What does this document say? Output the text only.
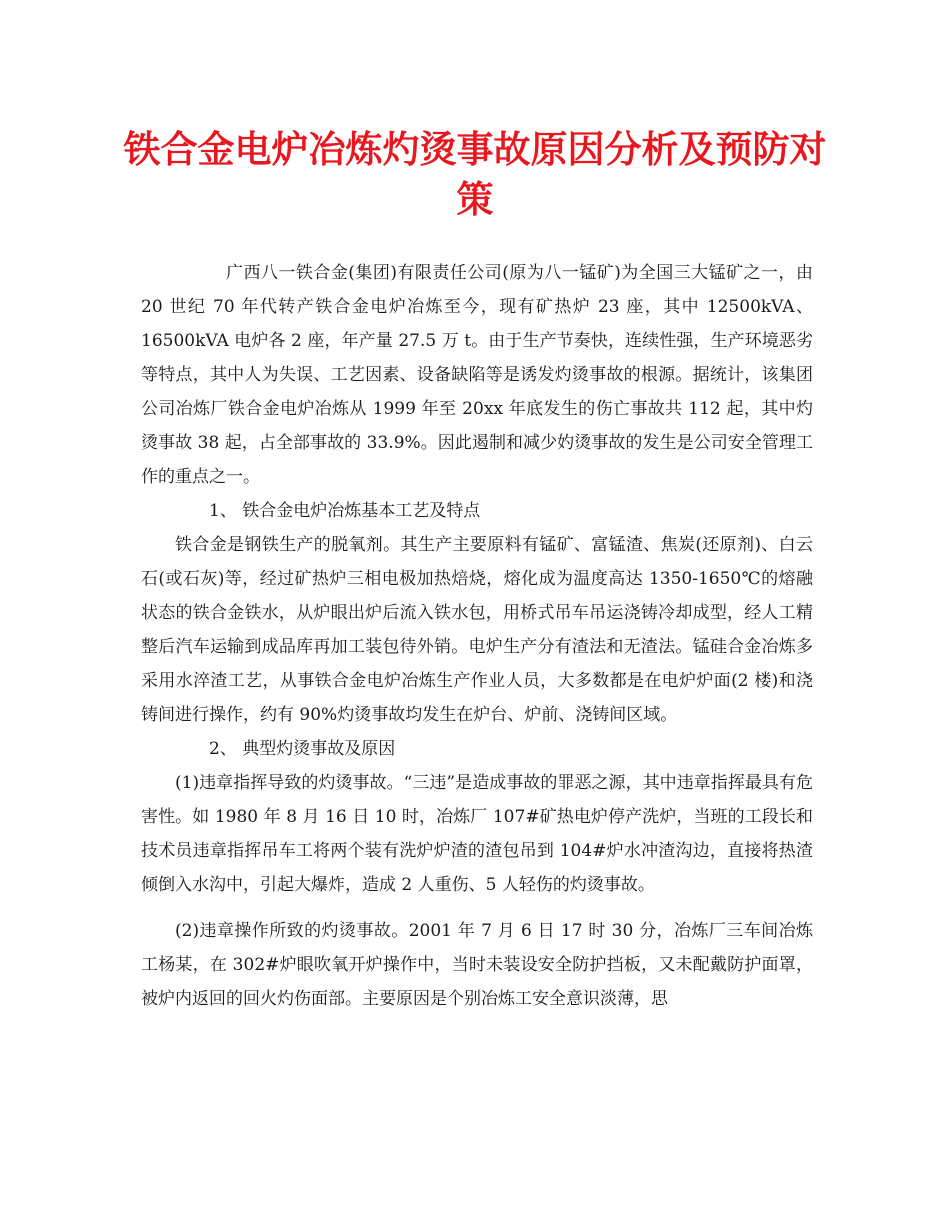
铁合金电炉冶炼灼烫事故原因分析及预防对策

广西八一铁合金(集团)有限责任公司(原为八一锰矿)为全国三大锰矿之一，由 20 世纪 70 年代转产铁合金电炉冶炼至今，现有矿热炉 23 座，其中 12500kVA、16500kVA 电炉各 2 座，年产量 27.5 万 t。由于生产节奏快，连续性强，生产环境恶劣等特点，其中人为失误、工艺因素、设备缺陷等是诱发灼烫事故的根源。据统计，该集团公司冶炼厂铁合金电炉冶炼从 1999 年至 20xx 年底发生的伤亡事故共 112 起，其中灼烫事故 38 起，占全部事故的 33.9%。因此遏制和减少妁烫事故的发生是公司安全管理工作的重点之一。

1、 铁合金电炉冶炼基本工艺及特点

铁合金是钢铁生产的脱氧剂。其生产主要原料有锰矿、富锰渣、焦炭(还原剂)、白云石(或石灰)等，经过矿热炉三相电极加热焙烧，熔化成为温度高达 1350-1650℃的熔融状态的铁合金铁水，从炉眼出炉后流入铁水包，用桥式吊车吊运浇铸冷却成型，经人工精整后汽车运输到成品库再加工装包待外销。电炉生产分有渣法和无渣法。锰硅合金冶炼多采用水淬渣工艺，从事铁合金电炉冶炼生产作业人员，大多数都是在电炉炉面(2 楼)和浇铸间进行操作，约有 90%灼烫事故均发生在炉台、炉前、浇铸间区域。

2、 典型灼烫事故及原因

(1)违章指挥导致的灼烫事故。“三违”是造成事故的罪恶之源，其中违章指挥最具有危害性。如 1980 年 8 月 16 日 10 时，冶炼厂 107#矿热电炉停产洗炉，当班的工段长和技术员违章指挥吊车工将两个装有洗炉炉渣的渣包吊到 104#炉水冲渣沟边，直接将热渣倾倒入水沟中，引起大爆炸，造成 2 人重伤、5 人轻伤的灼烫事故。

(2)违章操作所致的灼烫事故。2001 年 7 月 6 日 17 时 30 分，冶炼厂三车间冶炼工杨某，在 302#炉眼吹氧开炉操作中，当时未装设安全防护挡板，又未配戴防护面罩，被炉内返回的回火灼伤面部。主要原因是个别冶炼工安全意识淡薄，思
